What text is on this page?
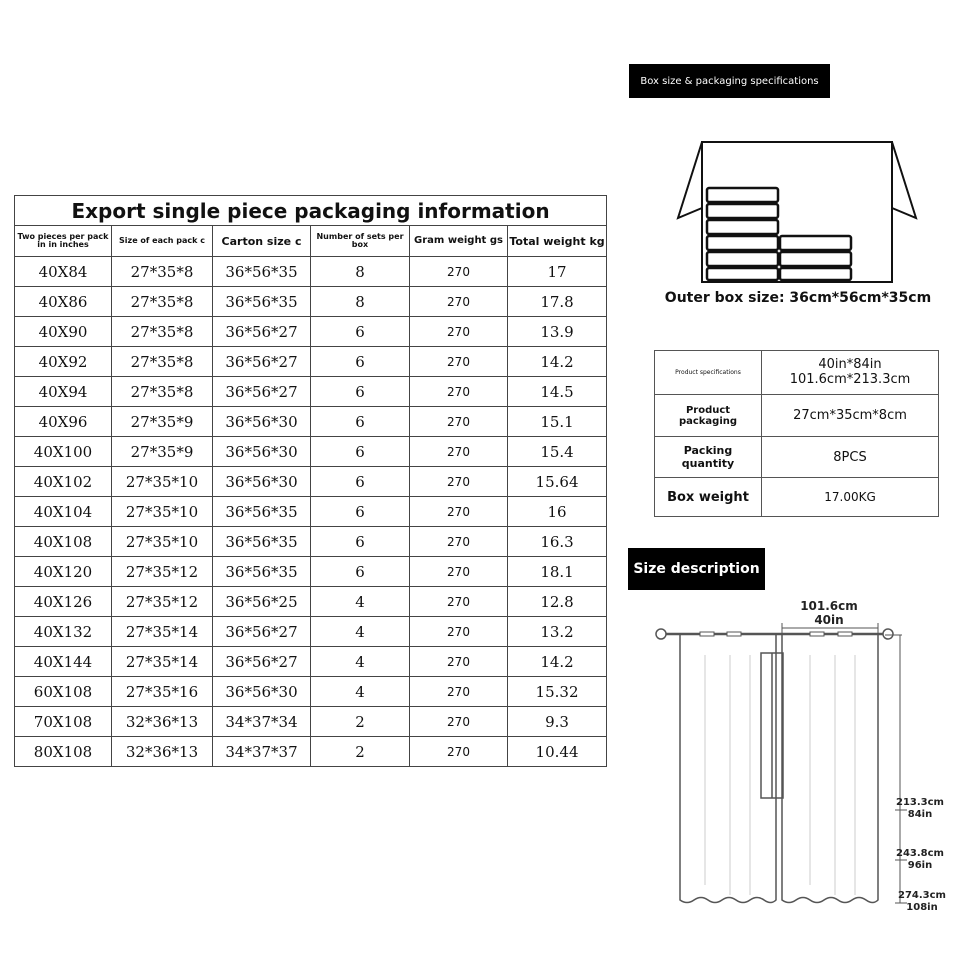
Export single piece packaging information					
Two pieces per pack in in inches	Size of each pack c	Carton size c	Number of sets per box	Gram weight gs	Total weight kg
40X84	27*35*8	36*56*35	8	270	17
40X86	27*35*8	36*56*35	8	270	17.8
40X90	27*35*8	36*56*27	6	270	13.9
40X92	27*35*8	36*56*27	6	270	14.2
40X94	27*35*8	36*56*27	6	270	14.5
40X96	27*35*9	36*56*30	6	270	15.1
40X100	27*35*9	36*56*30	6	270	15.4
40X102	27*35*10	36*56*30	6	270	15.64
40X104	27*35*10	36*56*35	6	270	16
40X108	27*35*10	36*56*35	6	270	16.3
40X120	27*35*12	36*56*35	6	270	18.1
40X126	27*35*12	36*56*25	4	270	12.8
40X132	27*35*14	36*56*27	4	270	13.2
40X144	27*35*14	36*56*27	4	270	14.2
60X108	27*35*16	36*56*30	4	270	15.32
70X108	32*36*13	34*37*34	2	270	9.3
80X108	32*36*13	34*37*37	2	270	10.44
Box size & packaging specifications
Outer box size: 36cm*56cm*35cm
Product specifications	40in*84in
101.6cm*213.3cm

Product packaging	27cm*35cm*8cm
Packing quantity	8PCS
Box weight	17.00KG
Size description
101.6cm
40in
213.3cm
84in
243.8cm
96in
274.3cm
108in
